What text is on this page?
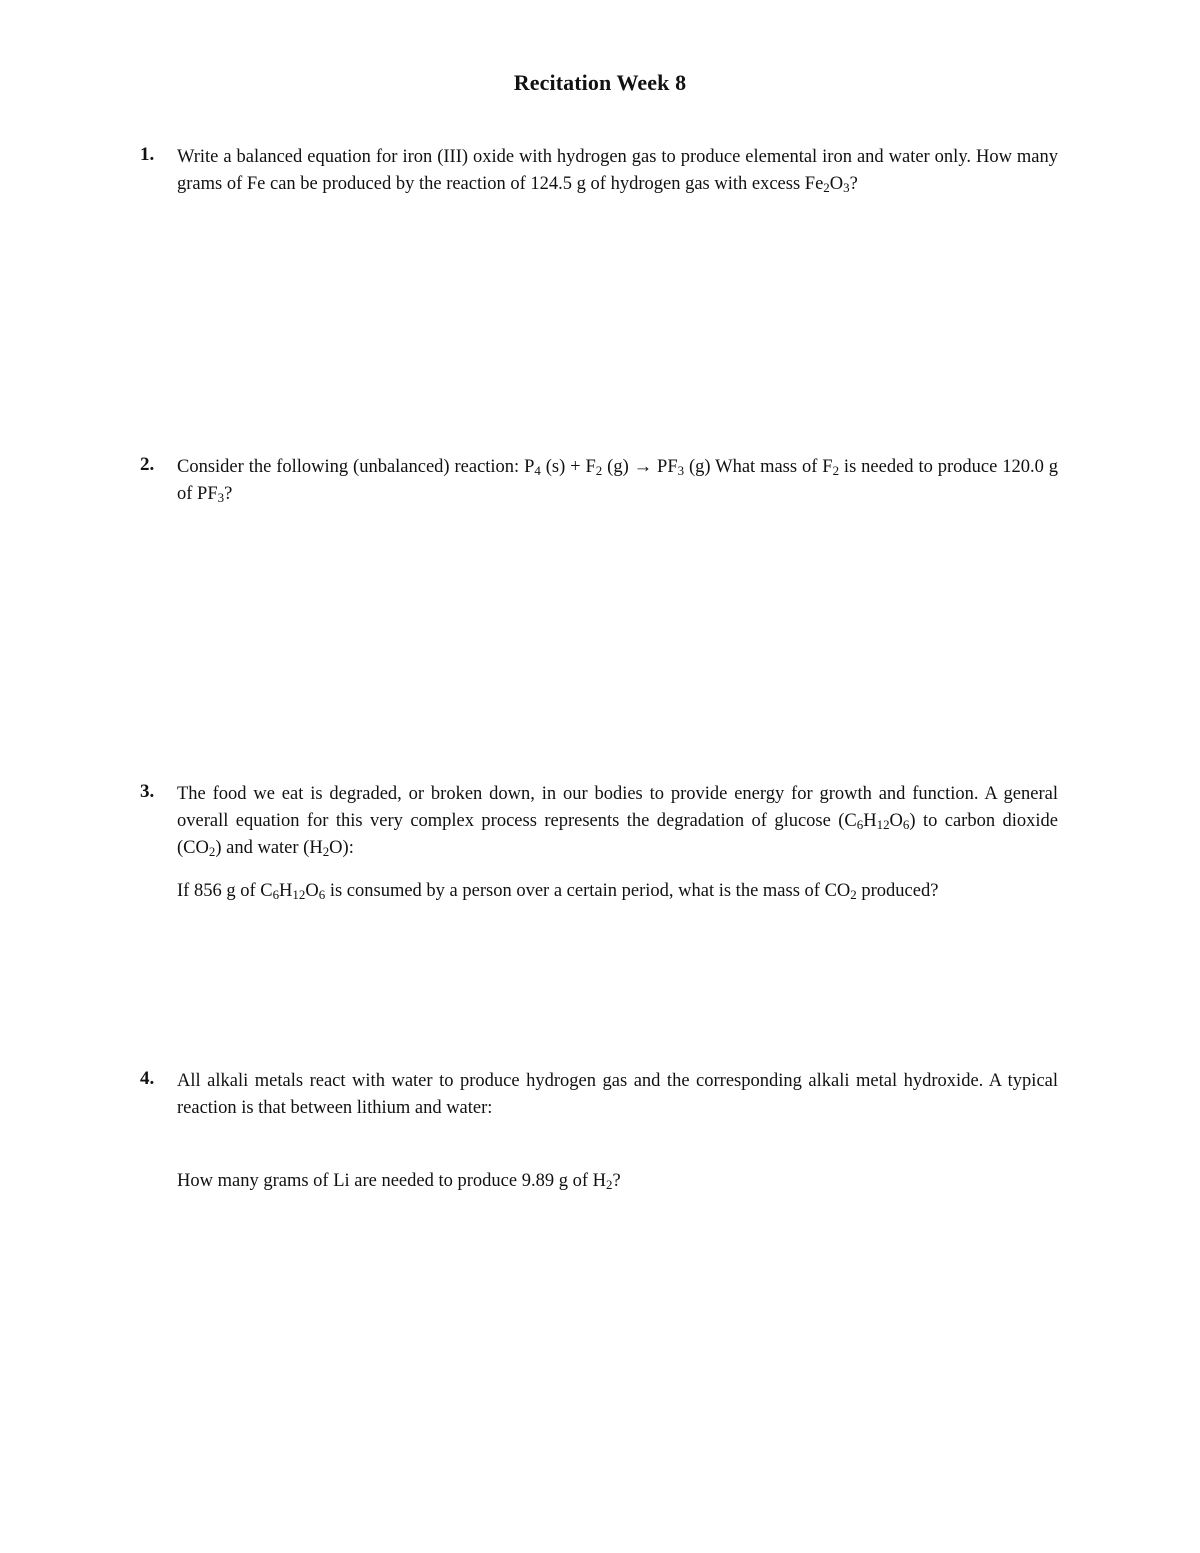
Recitation Week 8
1. Write a balanced equation for iron (III) oxide with hydrogen gas to produce elemental iron and water only. How many grams of Fe can be produced by the reaction of 124.5 g of hydrogen gas with excess $Fe_2O_3$?

2. Consider the following (unbalanced) reaction: $P_4$ $(s) + F_2$ $(g) \to PF_3$ (g) What mass of $F_2$ is needed to produce 120.0 g of $PF_3$?

3. The food we eat is degraded, or broken down, in our bodies to provide energy for growth and function. A general overall equation for this very complex process represents the degradation of glucose $(C_6H_{12}O_6)$ to carbon dioxide $(CO_2)$ and water $(H_2O)$:

If 856 g of $C_6H_{12}O_6$ is consumed by a person over a certain period, what is the mass of $CO_2$ produced?

4. All alkali metals react with water to produce hydrogen gas and the corresponding alkali metal hydroxide. A typical reaction is that between lithium and water:

How many grams of Li are needed to produce 9.89 g of $H_2$?
